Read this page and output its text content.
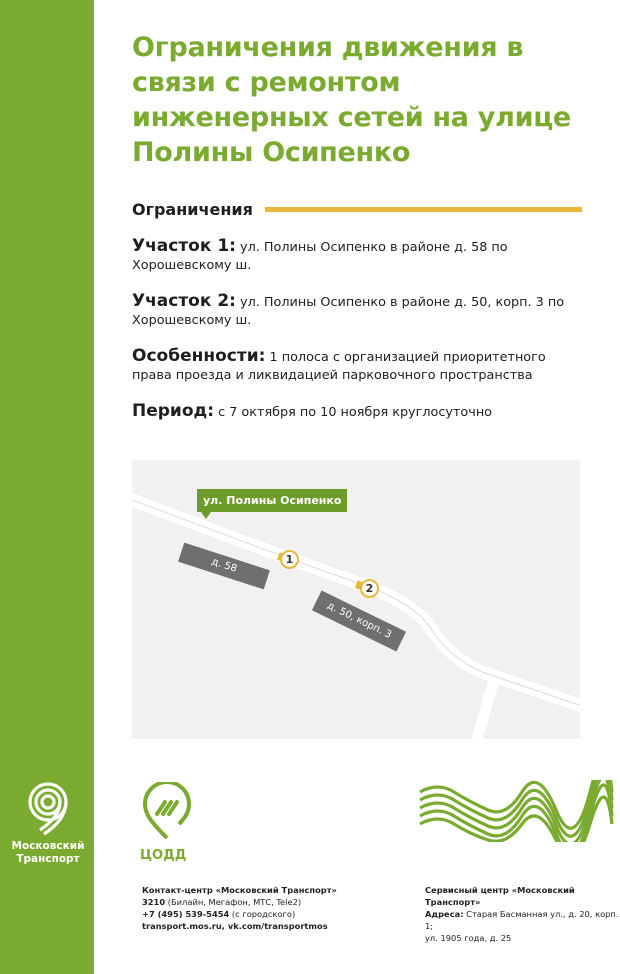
Московский
Транспорт
Ограничения движения в связи с ремонтом инженерных сетей на улице Полины Осипенко
Ограничения
Участок 1: ул. Полины Осипенко в районе д. 58 по Хорошевскому ш.
Участок 2: ул. Полины Осипенко в районе д. 50, корп. 3 по Хорошевскому ш.
Особенности: 1 полоса с организацией приоритетного права проезда и ликвидацией парковочного пространства
Период: с 7 октября по 10 ноября круглосуточно
ул. Полины Осипенко
д. 58
д. 50, корп. 3
1
2
ЦОДД
Контакт-центр «Московский Транспорт»
3210 (Билайн, Мегафон, МТС, Tele2)
+7 (495) 539-5454 (с городского)
transport.mos.ru, vk.com/transportmos
Сервисный центр «Московский Транспорт»
Адреса: Старая Басманная ул., д. 20, корп. 1;
ул. 1905 года, д. 25
